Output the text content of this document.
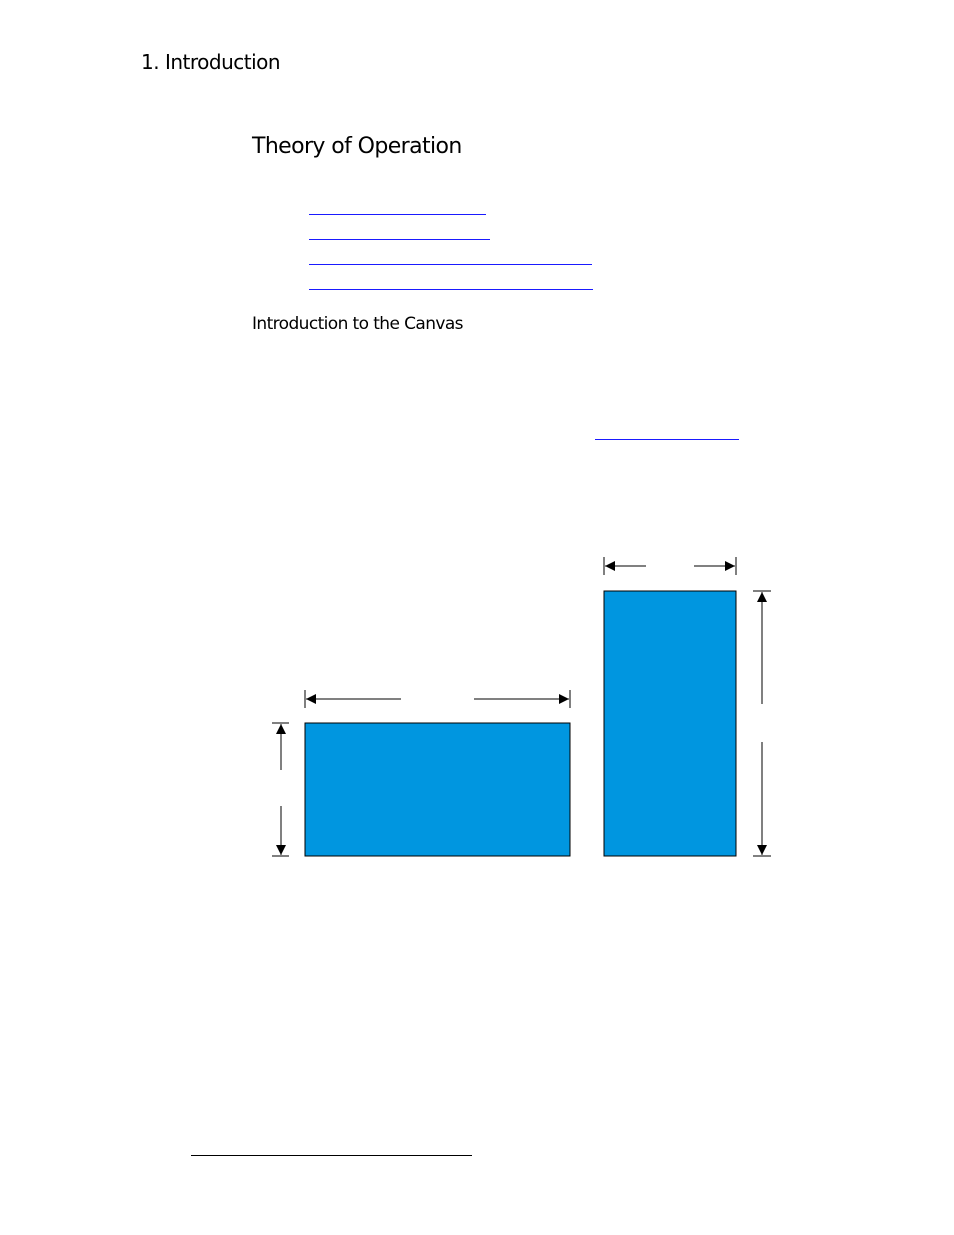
1. Introduction
Theory of Operation
Introduction to the Canvas
